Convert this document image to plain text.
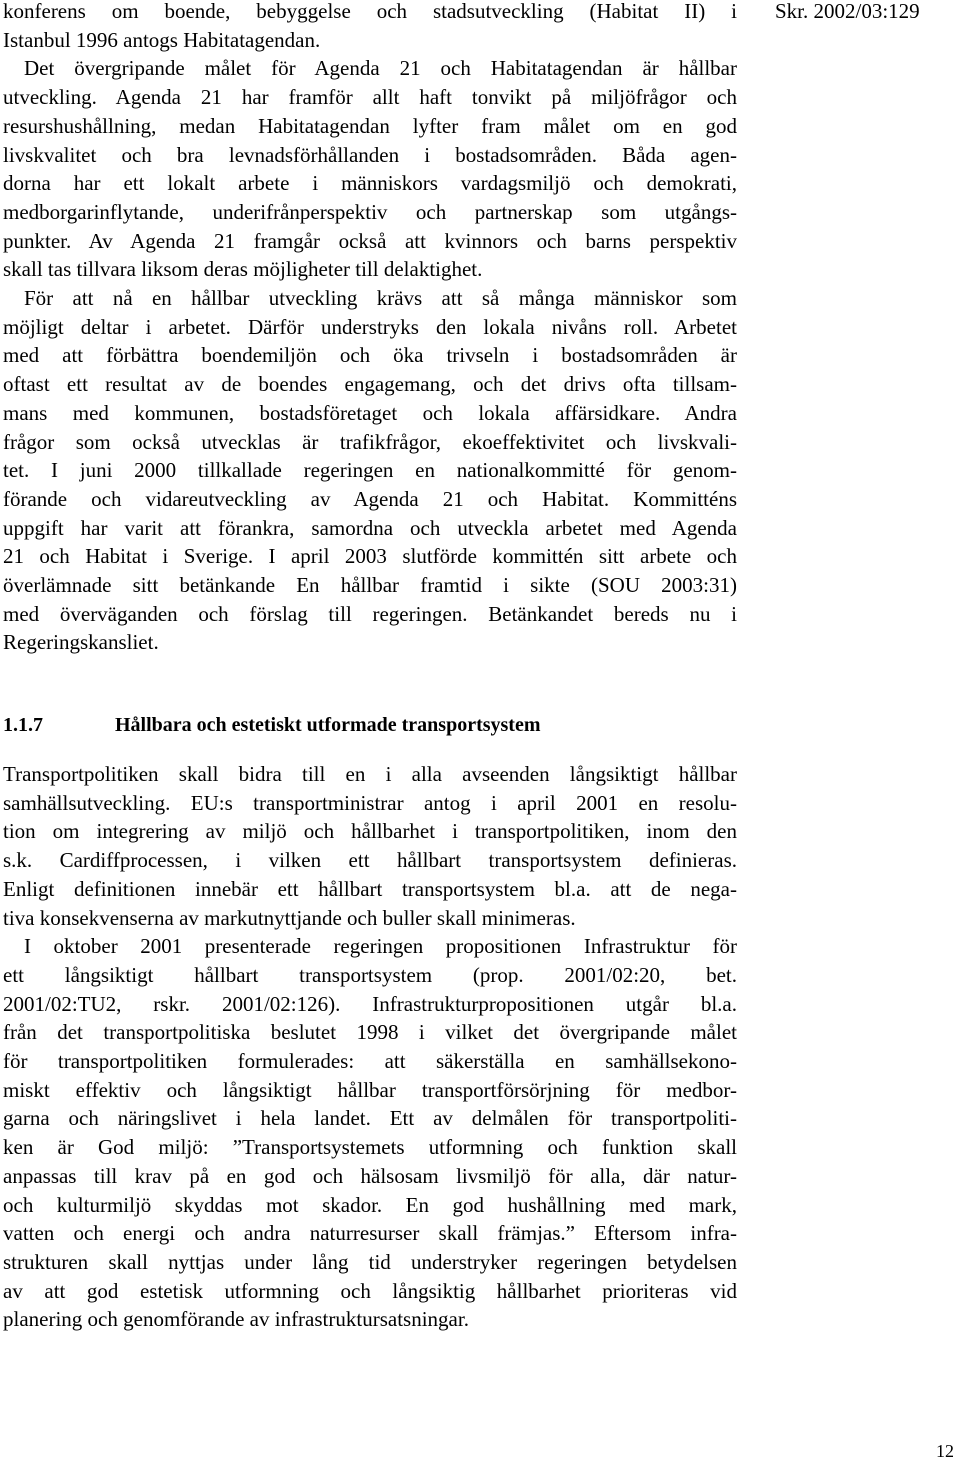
Skr. 2002/03:129
konferens om boende, bebyggelse och stadsutveckling (Habitat II) i
Istanbul 1996 antogs Habitatagendan.
Det övergripande målet för Agenda 21 och Habitatagendan är hållbar
utveckling. Agenda 21 har framför allt haft tonvikt på miljöfrågor och
resurshushållning, medan Habitatagendan lyfter fram målet om en god
livskvalitet och bra levnadsförhållanden i bostadsområden. Båda agen-
dorna har ett lokalt arbete i människors vardagsmiljö och demokrati,
medborgarinflytande, underifrånperspektiv och partnerskap som utgångs-
punkter. Av Agenda 21 framgår också att kvinnors och barns perspektiv
skall tas tillvara liksom deras möjligheter till delaktighet.
För att nå en hållbar utveckling krävs att så många människor som
möjligt deltar i arbetet. Därför understryks den lokala nivåns roll. Arbetet
med att förbättra boendemiljön och öka trivseln i bostadsområden är
oftast ett resultat av de boendes engagemang, och det drivs ofta tillsam-
mans med kommunen, bostadsföretaget och lokala affärsidkare. Andra
frågor som också utvecklas är trafikfrågor, ekoeffektivitet och livskvali-
tet. I juni 2000 tillkallade regeringen en nationalkommitté för genom-
förande och vidareutveckling av Agenda 21 och Habitat. Kommitténs
uppgift har varit att förankra, samordna och utveckla arbetet med Agenda
21 och Habitat i Sverige. I april 2003 slutförde kommittén sitt arbete och
överlämnade sitt betänkande En hållbar framtid i sikte (SOU 2003:31)
med överväganden och förslag till regeringen. Betänkandet bereds nu i
Regeringskansliet.
1.1.7	Hållbara och estetiskt utformade transportsystem
Transportpolitiken skall bidra till en i alla avseenden långsiktigt hållbar
samhällsutveckling. EU:s transportministrar antog i april 2001 en resolu-
tion om integrering av miljö och hållbarhet i transportpolitiken, inom den
s.k. Cardiffprocessen, i vilken ett hållbart transportsystem definieras.
Enligt definitionen innebär ett hållbart transportsystem bl.a. att de nega-
tiva konsekvenserna av markutnyttjande och buller skall minimeras.
I oktober 2001 presenterade regeringen propositionen Infrastruktur för
ett långsiktigt hållbart transportsystem (prop. 2001/02:20, bet.
2001/02:TU2, rskr. 2001/02:126). Infrastrukturpropositionen utgår bl.a.
från det transportpolitiska beslutet 1998 i vilket det övergripande målet
för transportpolitiken formulerades: att säkerställa en samhällsekono-
miskt effektiv och långsiktigt hållbar transportförsörjning för medbor-
garna och näringslivet i hela landet. Ett av delmålen för transportpoliti-
ken är God miljö: ”Transportsystemets utformning och funktion skall
anpassas till krav på en god och hälsosam livsmiljö för alla, där natur-
och kulturmiljö skyddas mot skador. En god hushållning med mark,
vatten och energi och andra naturresurser skall främjas.” Eftersom infra-
strukturen skall nyttjas under lång tid understryker regeringen betydelsen
av att god estetisk utformning och långsiktig hållbarhet prioriteras vid
planering och genomförande av infrastruktursatsningar.
12
